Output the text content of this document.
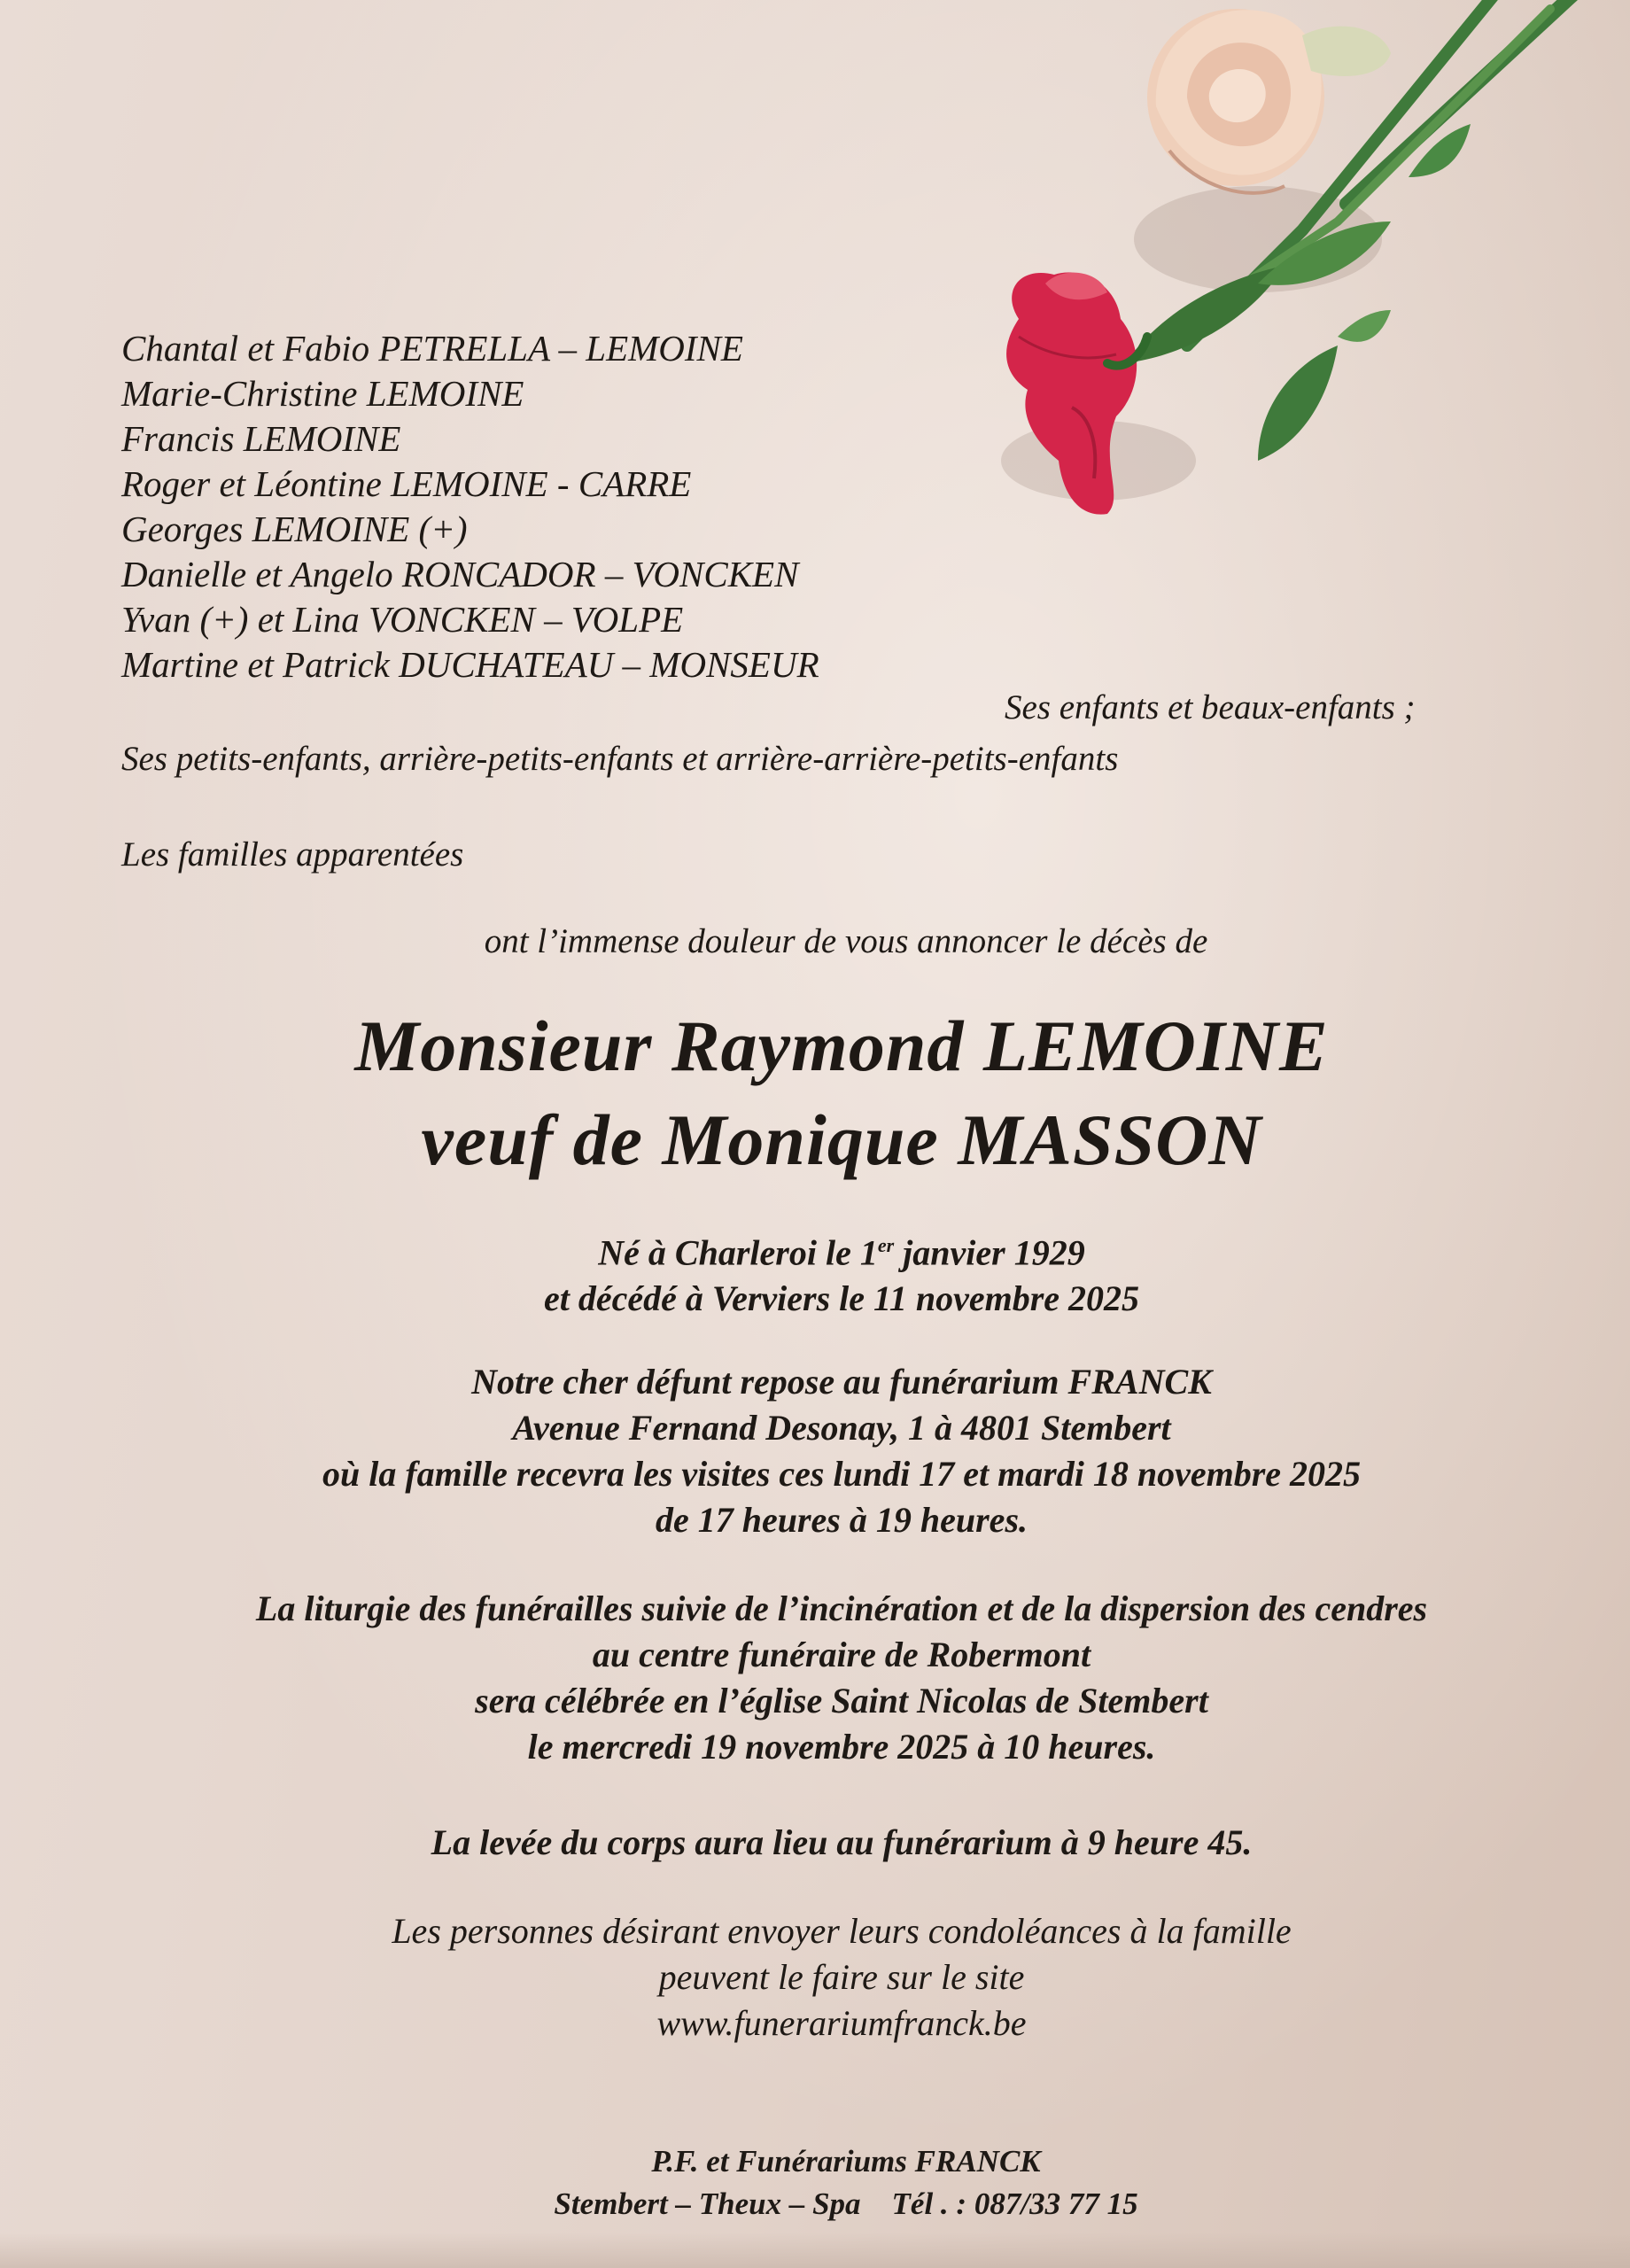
Chantal et Fabio PETRELLA – LEMOINE
Marie-Christine LEMOINE
Francis LEMOINE
Roger et Léontine LEMOINE - CARRE
Georges LEMOINE (+)
Danielle et Angelo RONCADOR – VONCKEN
Yvan (+) et Lina VONCKEN – VOLPE
Martine et Patrick DUCHATEAU – MONSEUR
Ses enfants et beaux-enfants ;
Ses petits-enfants, arrière-petits-enfants et arrière-arrière-petits-enfants
Les familles apparentées
ont l’immense douleur de vous annoncer le décès de
Monsieur Raymond LEMOINE
veuf de Monique MASSON
Né à Charleroi le 1er janvier 1929
et décédé à Verviers le 11 novembre 2025
Notre cher défunt repose au funérarium FRANCK
Avenue Fernand Desonay, 1 à 4801 Stembert
où la famille recevra les visites ces lundi 17 et mardi 18 novembre 2025
de 17 heures à 19 heures.
La liturgie des funérailles suivie de l’incinération et de la dispersion des cendres
au centre funéraire de Robermont
sera célébrée en l’église Saint Nicolas de Stembert
le mercredi 19 novembre 2025 à 10 heures.
La levée du corps aura lieu au funérarium à 9 heure 45.
Les personnes désirant envoyer leurs condoléances à la famille
peuvent le faire sur le site
www.funerariumfranck.be
P.F. et Funérariums FRANCK
Stembert – Theux – Spa Tél . : 087/33 77 15
